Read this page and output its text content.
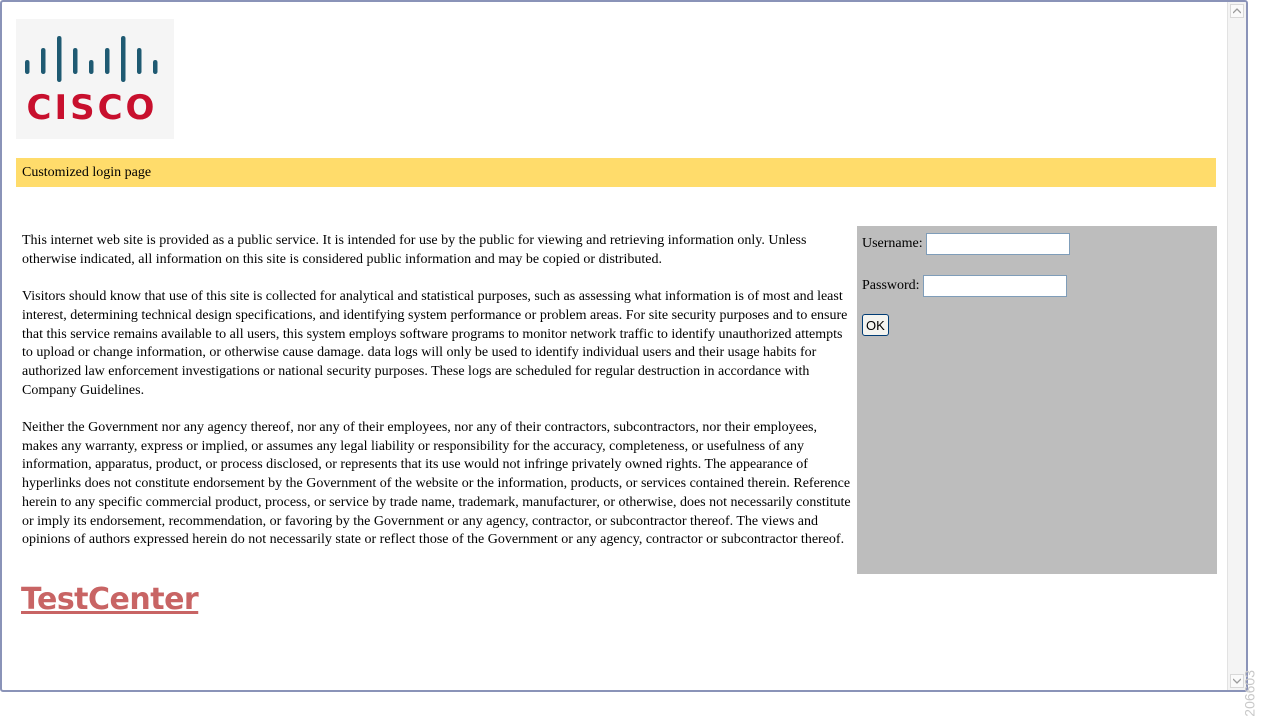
CISCO
Customized login page

This internet web site is provided as a public service. It is intended for use by the public for viewing and retrieving information only. Unless otherwise indicated, all information on this site is considered public information and may be copied or distributed.

Visitors should know that use of this site is collected for analytical and statistical purposes, such as assessing what information is of most and least interest, determining technical design specifications, and identifying system performance or problem areas. For site security purposes and to ensure that this service remains available to all users, this system employs software programs to monitor network traffic to identify unauthorized attempts to upload or change information, or otherwise cause damage. data logs will only be used to identify individual users and their usage habits for authorized law enforcement investigations or national security purposes. These logs are scheduled for regular destruction in accordance with Company Guidelines.

Neither the Government nor any agency thereof, nor any of their employees, nor any of their contractors, subcontractors, nor their employees, makes any warranty, express or implied, or assumes any legal liability or responsibility for the accuracy, completeness, or usefulness of any information, apparatus, product, or process disclosed, or represents that its use would not infringe privately owned rights. The appearance of hyperlinks does not constitute endorsement by the Government of the website or the information, products, or services contained therein. Reference herein to any specific commercial product, process, or service by trade name, trademark, manufacturer, or otherwise, does not necessarily constitute or imply its endorsement, recommendation, or favoring by the Government or any agency, contractor, or subcontractor thereof. The views and opinions of authors expressed herein do not necessarily state or reflect those of the Government or any agency, contractor or subcontractor thereof.

Username:
Password:
OK
TestCenter
206603
